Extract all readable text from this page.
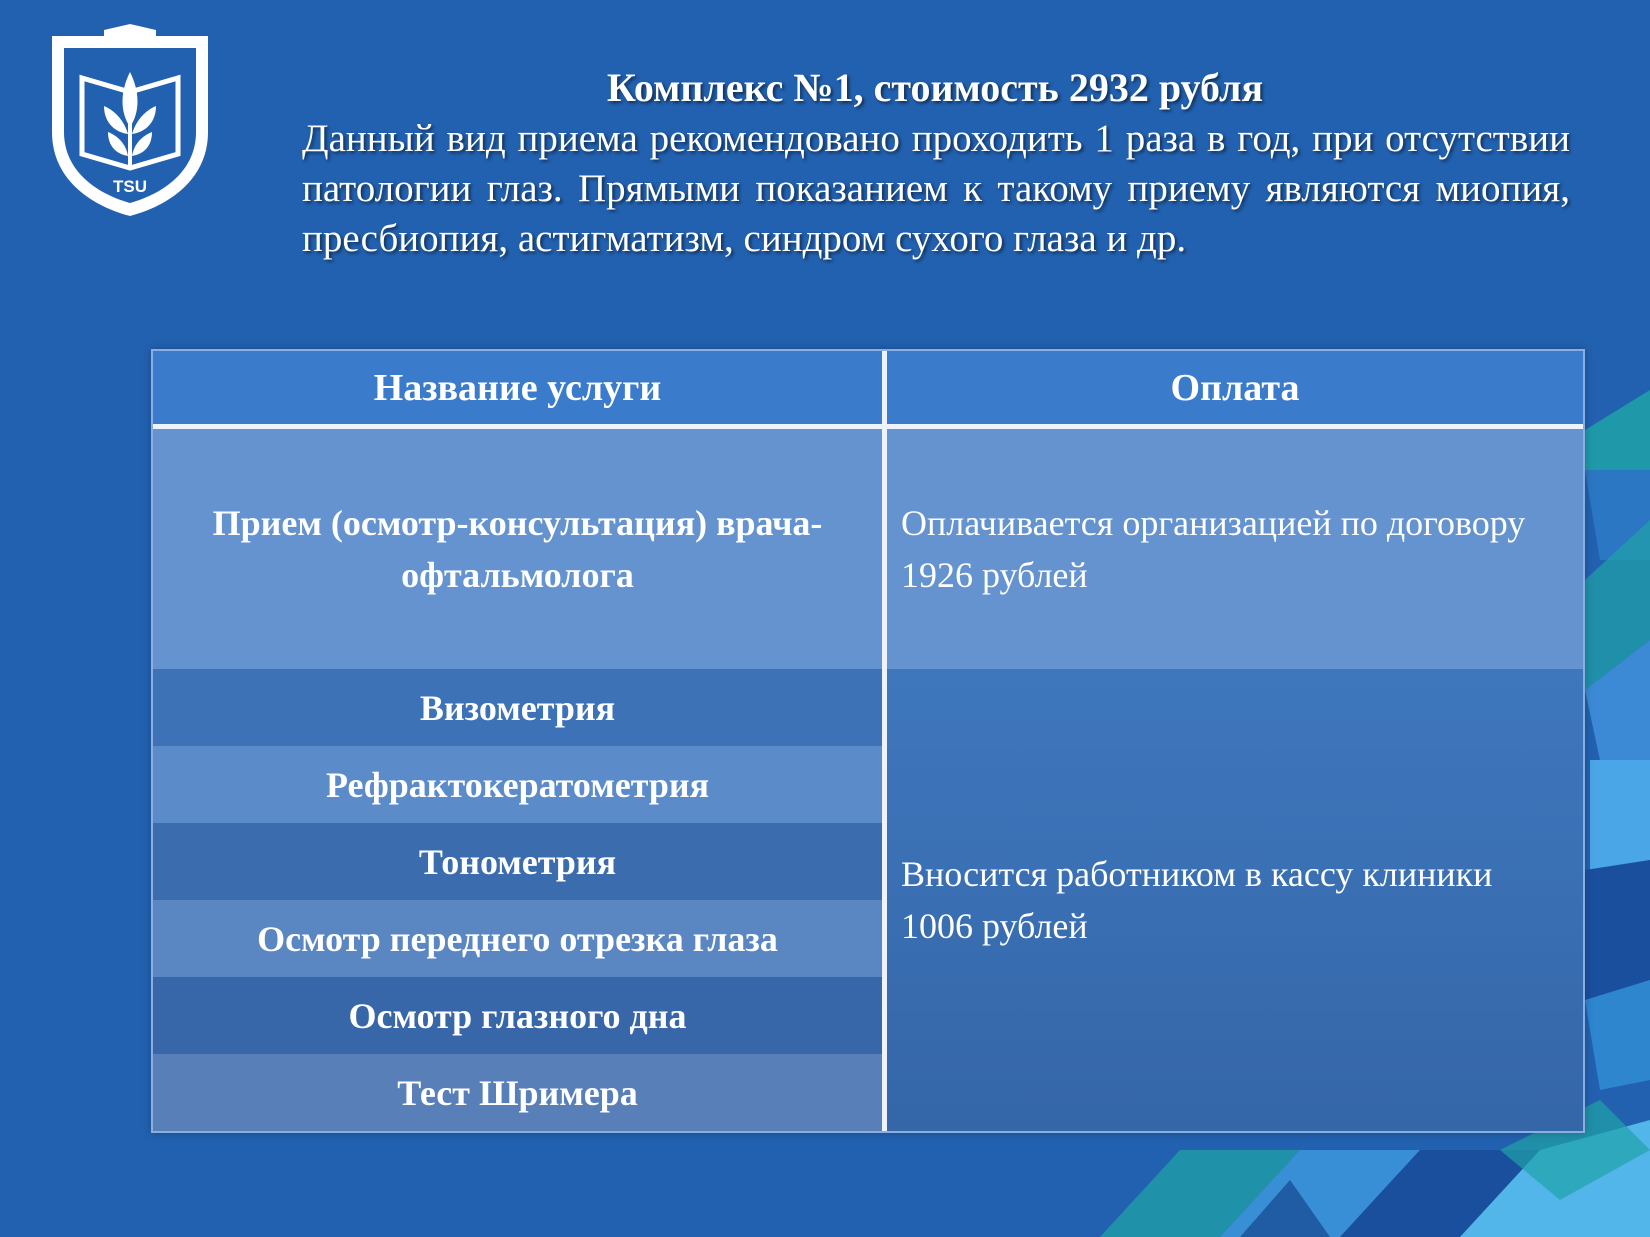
TSU
Комплекс №1, стоимость 2932 рубля
Данный вид приема рекомендовано проходить 1 раза в год, при отсутствии патологии глаз. Прямыми показанием к такому приему являются миопия, пресбиопия, астигматизм, синдром сухого глаза и др.
Название услуги	Оплата
Прием (осмотр-консультация) врача-офтальмолога
Визометрия
Рефрактокератометрия
Тонометрия
Осмотр переднего отрезка глаза
Осмотр глазного дна
Тест Шримера
Оплачивается организацией по договору 1926 рублей
Вносится работником в кассу клиники 1006 рублей
